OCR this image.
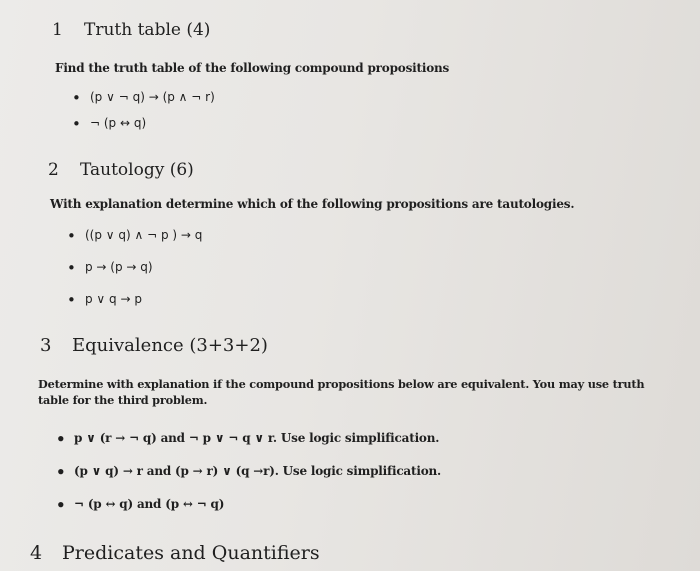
1 Truth table (4)

Find the truth table of the following compound propositions

• (p ∨ ¬ q) → (p ∧ ¬ r)
• ¬ (p ↔ q)
2 Tautology (6)

With explanation determine which of the following propositions are tautologies.

• ((p ∨ q) ∧ ¬ p ) → q
• p → (p → q)
• p ∨ q → p
3 Equivalence (3+3+2)

Determine with explanation if the compound propositions below are equivalent. You may use truth
table for the third problem.

• p ∨ (r → ¬ q) and ¬ p ∨ ¬ q ∨ r. Use logic simplification.
• (p ∨ q) → r and (p → r) ∨ (q →r). Use logic simplification.
• ¬ (p ↔ q) and (p ↔ ¬ q)
4 Predicates and Quantifiers
